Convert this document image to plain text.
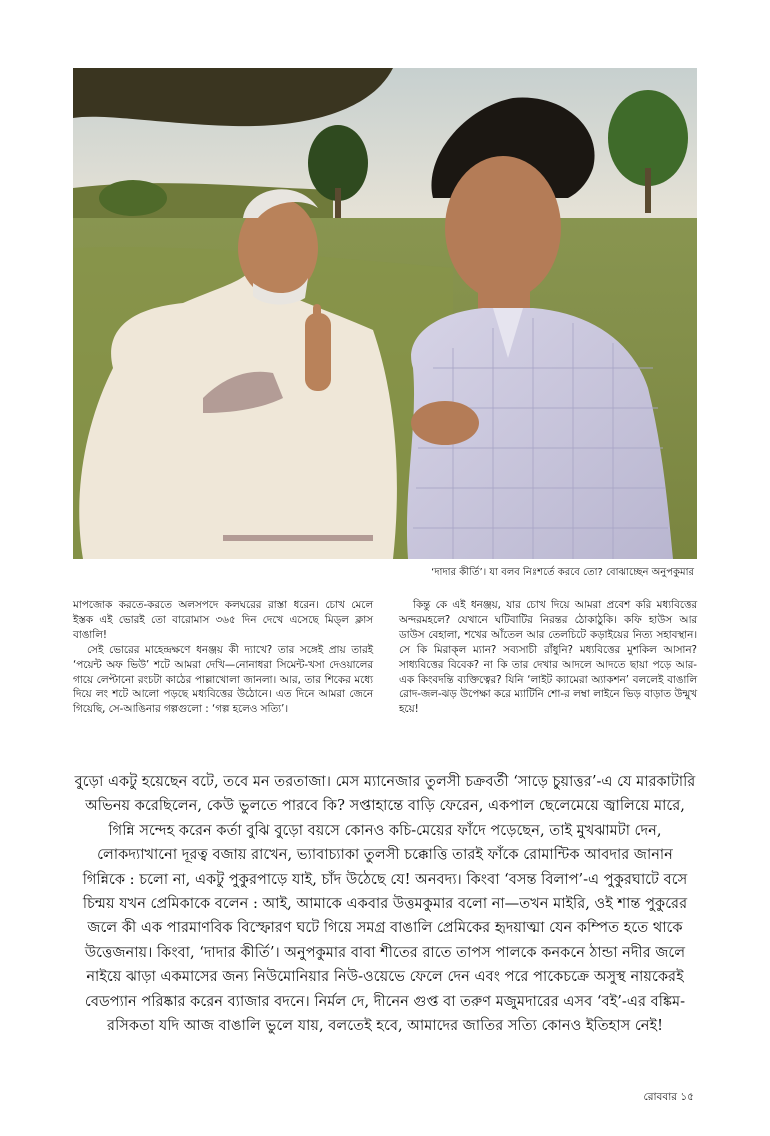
‘দাদার কীর্তি’। যা বলব নিঃশর্তে করবে তো? বোঝাচ্ছেন অনুপকুমার

মাপজোক করতে-করতে অলসপদে কলঘরের রাস্তা ধরেন। চোখ মেলে ইস্তক এই ভোরই তো বারোমাস ৩৬৫ দিন দেখে এসেছে মিড্‌ল ক্লাস বাঙালি!

সেই ভোরের মাহেন্দ্রক্ষণে ধনঞ্জয় কী দ্যাখে? তার সঙ্গেই প্রায় তারই ‘পয়েন্ট অফ ভিউ’ শটে আমরা দেখি—নোনাধরা সিমেন্ট-খসা দেওয়ালের গায়ে লেপ্টানো রংচটা কাঠের পাল্লাখোলা জানলা। আর, তার শিকের মধ্যে দিয়ে লং শটে আলো পড়ছে মধ্যবিত্তের উঠোনে। এত দিনে আমরা জেনে গিয়েছি, সে-আঙিনার গল্পগুলো : ‘গল্প হলেও সত্যি’।

কিন্তু কে এই ধনঞ্জয়, যার চোখ দিয়ে আমরা প্রবেশ করি মধ্যবিত্তের অন্দরমহলে? যেখানে ঘটিবাটির নিরন্তর ঠোকাঠুকি। কফি হাউস আর ডাউস বেহালা, শখের আঁতেল আর তেলচিটে কড়াইয়ের নিত্য সহাবস্থান। সে কি মিরাক্‌ল ম্যান? সব্যসাচী রাঁধুনি? মধ্যবিত্তের মুশকিল আসান? সাধ্যবিত্তের বিবেক? না কি তার দেখার আদলে আদতে ছায়া পড়ে আর-এক কিংবদন্তি ব্যক্তিত্বের? যিনি ‘লাইট ক্যামেরা অ্যাকশন’ বললেই বাঙালি রোদ-জল-ঝড় উপেক্ষা করে ম্যাটিনি শো-র লম্বা লাইনে ভিড় বাড়াত উন্মুখ হয়ে!

বুড়ো একটু হয়েছেন বটে, তবে মন তরতাজা। মেস ম্যানেজার তুলসী চক্রবর্তী ‘সাড়ে চুয়াত্তর’-এ যে মারকাটারি অভিনয় করেছিলেন, কেউ ভুলতে পারবে কি? সপ্তাহান্তে বাড়ি ফেরেন, একপাল ছেলেমেয়ে জ্বালিয়ে মারে, গিন্নি সন্দেহ করেন কর্তা বুঝি বুড়ো বয়সে কোনও কচি-মেয়ের ফাঁদে পড়েছেন, তাই মুখঝামটা দেন, লোকদ্যাখানো দূরত্ব বজায় রাখেন, ভ্যাবাচ্যাকা তুলসী চক্কোত্তি তারই ফাঁকে রোমান্টিক আবদার জানান গিন্নিকে : চলো না, একটু পুকুরপাড়ে যাই, চাঁদ উঠেছে যে! অনবদ্য। কিংবা ‘বসন্ত বিলাপ’-এ পুকুরঘাটে বসে চিন্ময় যখন প্রেমিকাকে বলেন : আই, আমাকে একবার উত্তমকুমার বলো না—তখন মাইরি, ওই শান্ত পুকুরের জলে কী এক পারমাণবিক বিস্ফোরণ ঘটে গিয়ে সমগ্র বাঙালি প্রেমিকের হৃদয়াত্মা যেন কম্পিত হতে থাকে উত্তেজনায়। কিংবা, ‘দাদার কীর্তি’। অনুপকুমার বাবা শীতের রাতে তাপস পালকে কনকনে ঠান্ডা নদীর জলে নাইয়ে ঝাড়া একমাসের জন্য নিউমোনিয়ার নিউ-ওয়েভে ফেলে দেন এবং পরে পাকেচক্রে অসুস্থ নায়কেরই বেডপ্যান পরিষ্কার করেন ব্যাজার বদনে। নির্মল দে, দীনেন গুপ্ত বা তরুণ মজুমদারের এসব ‘বই’-এর বঙ্কিম-রসিকতা যদি আজ বাঙালি ভুলে যায়, বলতেই হবে, আমাদের জাতির সত্যি কোনও ইতিহাস নেই!

রোববার ১৫
